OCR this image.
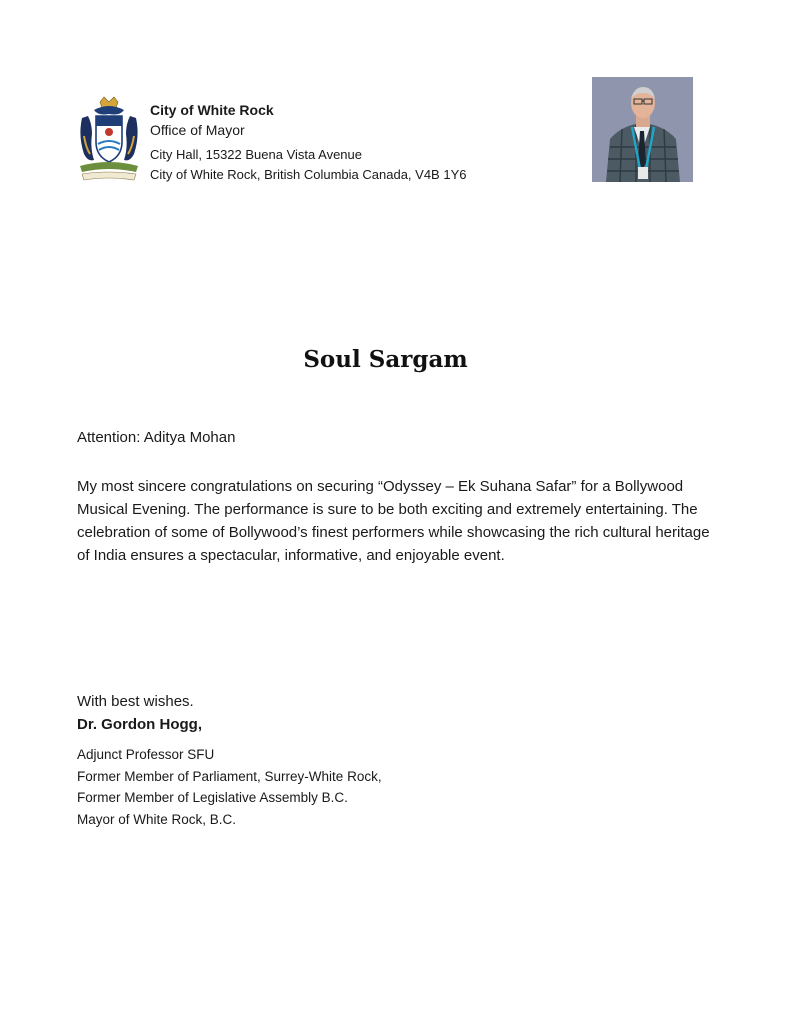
City of White Rock
Office of Mayor
City Hall, 15322 Buena Vista Avenue
City of White Rock, British Columbia Canada, V4B 1Y6
Soul Sargam
Attention: Aditya Mohan
My most sincere congratulations on securing “Odyssey – Ek Suhana Safar” for a Bollywood Musical Evening. The performance is sure to be both exciting and extremely entertaining. The celebration of some of Bollywood’s finest performers while showcasing the rich cultural heritage of India ensures a spectacular, informative, and enjoyable event.
With best wishes.
Dr. Gordon Hogg,
Adjunct Professor SFU
Former Member of Parliament, Surrey-White Rock,
Former Member of Legislative Assembly B.C.
Mayor of White Rock, B.C.
